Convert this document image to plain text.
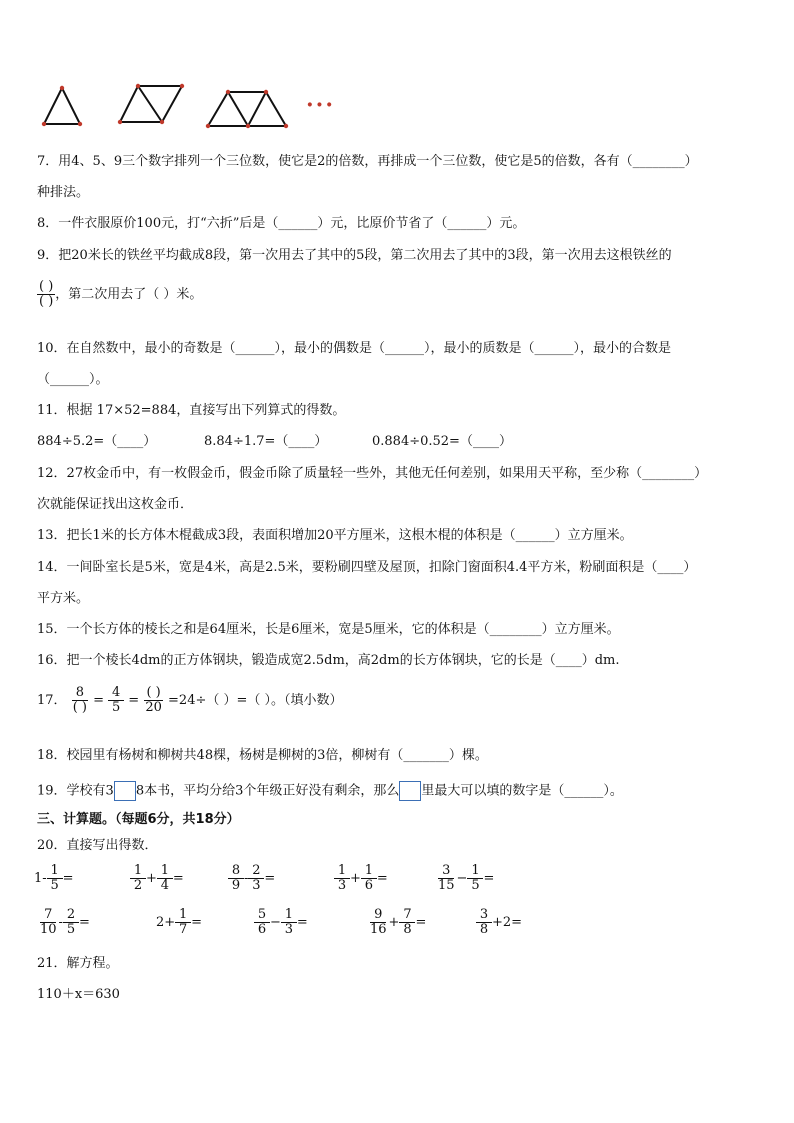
···
7．用4、5、9三个数字排列一个三位数，使它是2的倍数，再排成一个三位数，使它是5的倍数，各有（________）
种排法。
8．一件衣服原价100元，打“六折”后是（______）元，比原价节省了（______）元。
9．把20米长的铁丝平均截成8段，第一次用去了其中的5段，第二次用去了其中的3段，第一次用去这根铁丝的
$\frac{( )}{( )}$ ，第二次用去了（ ）米。
10．在自然数中，最小的奇数是（______），最小的偶数是（______），最小的质数是（______），最小的合数是
（______）。
11．根据 17×52=884，直接写出下列算式的得数。
884÷5.2=（____）	8.84÷1.7=（____）	0.884÷0.52=（____）
12．27枚金币中，有一枚假金币，假金币除了质量轻一些外，其他无任何差别，如果用天平称，至少称（________）
次就能保证找出这枚金币．
13．把长1米的长方体木棍截成3段，表面积增加20平方厘米，这根木棍的体积是（______）立方厘米。
14．一间卧室长是5米，宽是4米，高是2.5米，要粉刷四壁及屋顶，扣除门窗面积4.4平方米，粉刷面积是（____）
平方米。
15．一个长方体的棱长之和是64厘米，长是6厘米，宽是5厘米，它的体积是（________）立方厘米。
16．把一个棱长4dm的正方体钢块，锻造成宽2.5dm，高2dm的长方体钢块，它的长是（____）dm.
17． $\frac{8}{( )} = \frac{4}{5} = \frac{( )}{20} =24\div$（ ）=（ ）。（填小数）
18．校园里有杨树和柳树共48棵，杨树是柳树的3倍，柳树有（_______）棵。
19．学校有3 8本书，平均分给3个年级正好没有剩余，那么 里最大可以填的数字是（______）。
三、计算题。（每题6分，共18分）
20．直接写出得数．
$1- \frac{1}{5}$ =	$\frac{1}{2} + \frac{1}{4}$ =	$\frac{8}{9} - \frac{2}{3}$ =	$\frac{1}{3} + \frac{1}{6}$ =	$\frac{3}{15} - \frac{1}{5}$ =
$\frac{7}{10} - \frac{2}{5}$ =	$2+ \frac{1}{7}$ =	$\frac{5}{6} - \frac{1}{3}$ =	$\frac{9}{16} + \frac{7}{8}$ =	$\frac{3}{8} +2=$
21．解方程。
110＋x＝630
